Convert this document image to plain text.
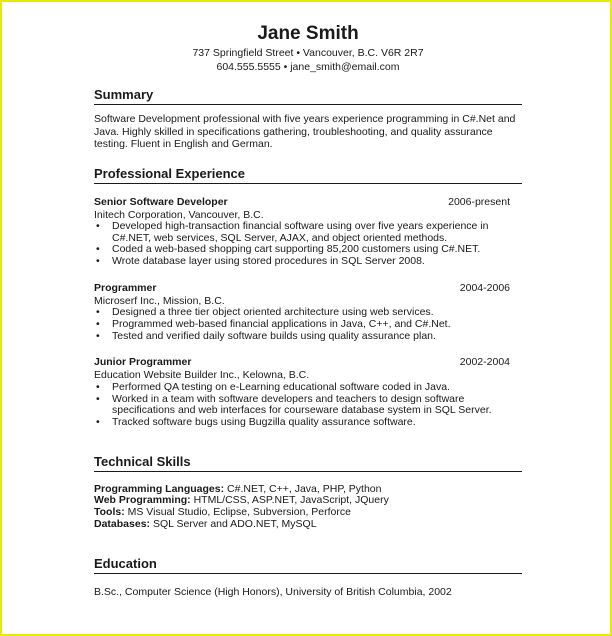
Jane Smith

737 Springfield Street • Vancouver, B.C. V6R 2R7

604.555.5555 • jane_smith@email.com

Summary

Software Development professional with five years experience programming in C#.Net and Java. Highly skilled in specifications gathering, troubleshooting, and quality assurance testing. Fluent in English and German.

Professional Experience
Senior Software Developer	2006-present
Initech Corporation, Vancouver, B.C.
• Developed high-transaction financial software using over five years experience in C#.NET, web services, SQL Server, AJAX, and object oriented methods.
• Coded a web-based shopping cart supporting 85,200 customers using C#.NET.
• Wrote database layer using stored procedures in SQL Server 2008.
Programmer	2004-2006
Microserf Inc., Mission, B.C.
• Designed a three tier object oriented architecture using web services.
• Programmed web-based financial applications in Java, C++, and C#.Net.
• Tested and verified daily software builds using quality assurance plan.
Junior Programmer	2002-2004
Education Website Builder Inc., Kelowna, B.C.
• Performed QA testing on e-Learning educational software coded in Java.
• Worked in a team with software developers and teachers to design software specifications and web interfaces for courseware database system in SQL Server.
• Tracked software bugs using Bugzilla quality assurance software.
Technical Skills
Programming Languages: C#.NET, C++, Java, PHP, Python
Web Programming: HTML/CSS, ASP.NET, JavaScript, JQuery
Tools: MS Visual Studio, Eclipse, Subversion, Perforce
Databases: SQL Server and ADO.NET, MySQL
Education

B.Sc., Computer Science (High Honors), University of British Columbia, 2002
